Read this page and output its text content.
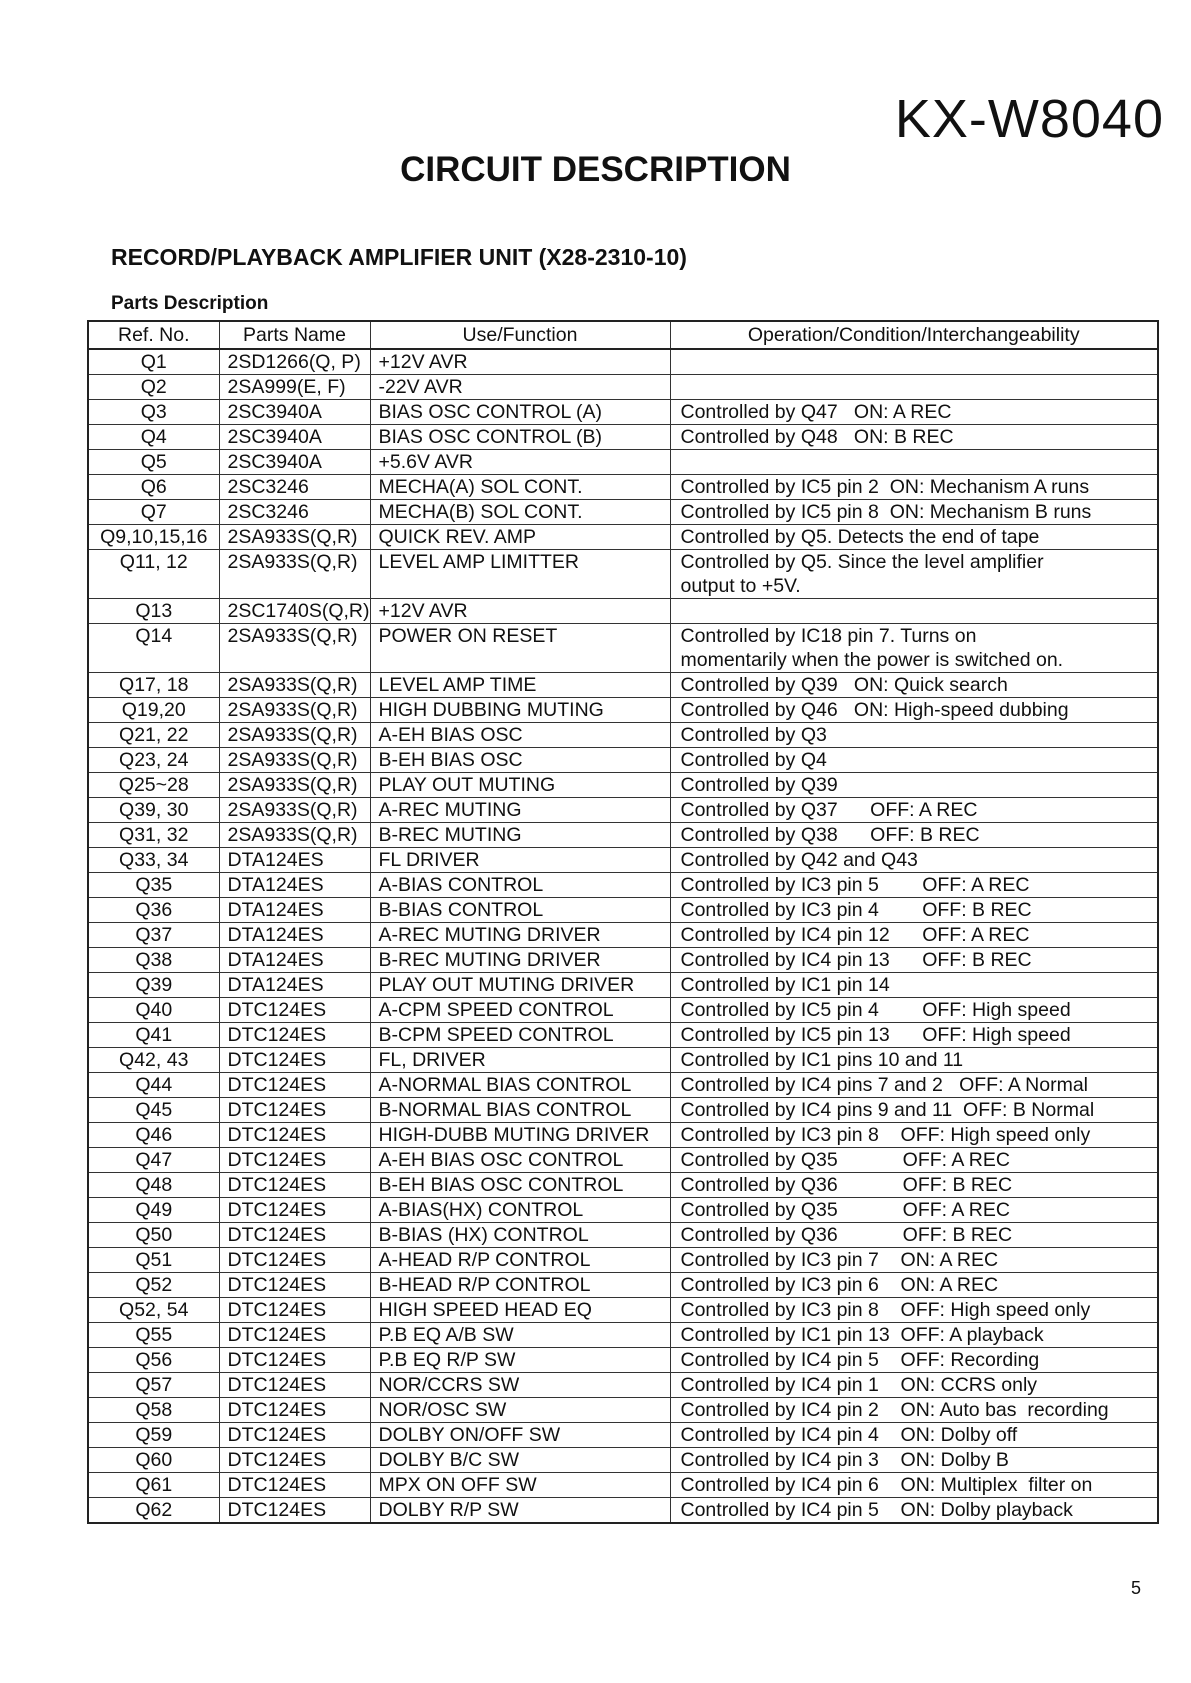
KX-W8040
CIRCUIT DESCRIPTION
RECORD/PLAYBACK AMPLIFIER UNIT (X28-2310-10)
Parts Description
Ref. No.	Parts Name	Use/Function	Operation/Condition/Interchangeability
Q1	2SD1266(Q, P)	+12V AVR	
Q2	2SA999(E, F)	-22V AVR	
Q3	2SC3940A	BIAS OSC CONTROL (A)	Controlled by Q47   ON: A REC
Q4	2SC3940A	BIAS OSC CONTROL (B)	Controlled by Q48   ON: B REC
Q5	2SC3940A	+5.6V AVR	
Q6	2SC3246	MECHA(A) SOL CONT.	Controlled by IC5 pin 2  ON: Mechanism A runs
Q7	2SC3246	MECHA(B) SOL CONT.	Controlled by IC5 pin 8  ON: Mechanism B runs
Q9,10,15,16	2SA933S(Q,R)	QUICK REV. AMP	Controlled by Q5. Detects the end of tape
Q11, 12	2SA933S(Q,R)	LEVEL AMP LIMITTER	Controlled by Q5. Since the level amplifier
output to +5V.
Q13	2SC1740S(Q,R)	+12V AVR	
Q14	2SA933S(Q,R)	POWER ON RESET	Controlled by IC18 pin 7. Turns on
momentarily when the power is switched on.
Q17, 18	2SA933S(Q,R)	LEVEL AMP TIME	Controlled by Q39   ON: Quick search
Q19,20	2SA933S(Q,R)	HIGH DUBBING MUTING	Controlled by Q46   ON: High-speed dubbing
Q21, 22	2SA933S(Q,R)	A-EH BIAS OSC	Controlled by Q3
Q23, 24	2SA933S(Q,R)	B-EH BIAS OSC	Controlled by Q4
Q25~28	2SA933S(Q,R)	PLAY OUT MUTING	Controlled by Q39
Q39, 30	2SA933S(Q,R)	A-REC MUTING	Controlled by Q37      OFF: A REC
Q31, 32	2SA933S(Q,R)	B-REC MUTING	Controlled by Q38      OFF: B REC
Q33, 34	DTA124ES	FL DRIVER	Controlled by Q42 and Q43
Q35	DTA124ES	A-BIAS CONTROL	Controlled by IC3 pin 5        OFF: A REC
Q36	DTA124ES	B-BIAS CONTROL	Controlled by IC3 pin 4        OFF: B REC
Q37	DTA124ES	A-REC MUTING DRIVER	Controlled by IC4 pin 12      OFF: A REC
Q38	DTA124ES	B-REC MUTING DRIVER	Controlled by IC4 pin 13      OFF: B REC
Q39	DTA124ES	PLAY OUT MUTING DRIVER	Controlled by IC1 pin 14
Q40	DTC124ES	A-CPM SPEED CONTROL	Controlled by IC5 pin 4        OFF: High speed
Q41	DTC124ES	B-CPM SPEED CONTROL	Controlled by IC5 pin 13      OFF: High speed
Q42, 43	DTC124ES	FL, DRIVER	Controlled by IC1 pins 10 and 11
Q44	DTC124ES	A-NORMAL BIAS CONTROL	Controlled by IC4 pins 7 and 2   OFF: A Normal
Q45	DTC124ES	B-NORMAL BIAS CONTROL	Controlled by IC4 pins 9 and 11  OFF: B Normal
Q46	DTC124ES	HIGH-DUBB MUTING DRIVER	Controlled by IC3 pin 8    OFF: High speed only
Q47	DTC124ES	A-EH BIAS OSC CONTROL	Controlled by Q35            OFF: A REC
Q48	DTC124ES	B-EH BIAS OSC CONTROL	Controlled by Q36            OFF: B REC
Q49	DTC124ES	A-BIAS(HX) CONTROL	Controlled by Q35            OFF: A REC
Q50	DTC124ES	B-BIAS (HX) CONTROL	Controlled by Q36            OFF: B REC
Q51	DTC124ES	A-HEAD R/P CONTROL	Controlled by IC3 pin 7    ON: A REC
Q52	DTC124ES	B-HEAD R/P CONTROL	Controlled by IC3 pin 6    ON: A REC
Q52, 54	DTC124ES	HIGH SPEED HEAD EQ	Controlled by IC3 pin 8    OFF: High speed only
Q55	DTC124ES	P.B EQ A/B SW	Controlled by IC1 pin 13  OFF: A playback
Q56	DTC124ES	P.B EQ R/P SW	Controlled by IC4 pin 5    OFF: Recording
Q57	DTC124ES	NOR/CCRS SW	Controlled by IC4 pin 1    ON: CCRS only
Q58	DTC124ES	NOR/OSC SW	Controlled by IC4 pin 2    ON: Auto bas  recording
Q59	DTC124ES	DOLBY ON/OFF SW	Controlled by IC4 pin 4    ON: Dolby off
Q60	DTC124ES	DOLBY B/C SW	Controlled by IC4 pin 3    ON: Dolby B
Q61	DTC124ES	MPX ON OFF SW	Controlled by IC4 pin 6    ON: Multiplex  filter on
Q62	DTC124ES	DOLBY R/P SW	Controlled by IC4 pin 5    ON: Dolby playback
5
